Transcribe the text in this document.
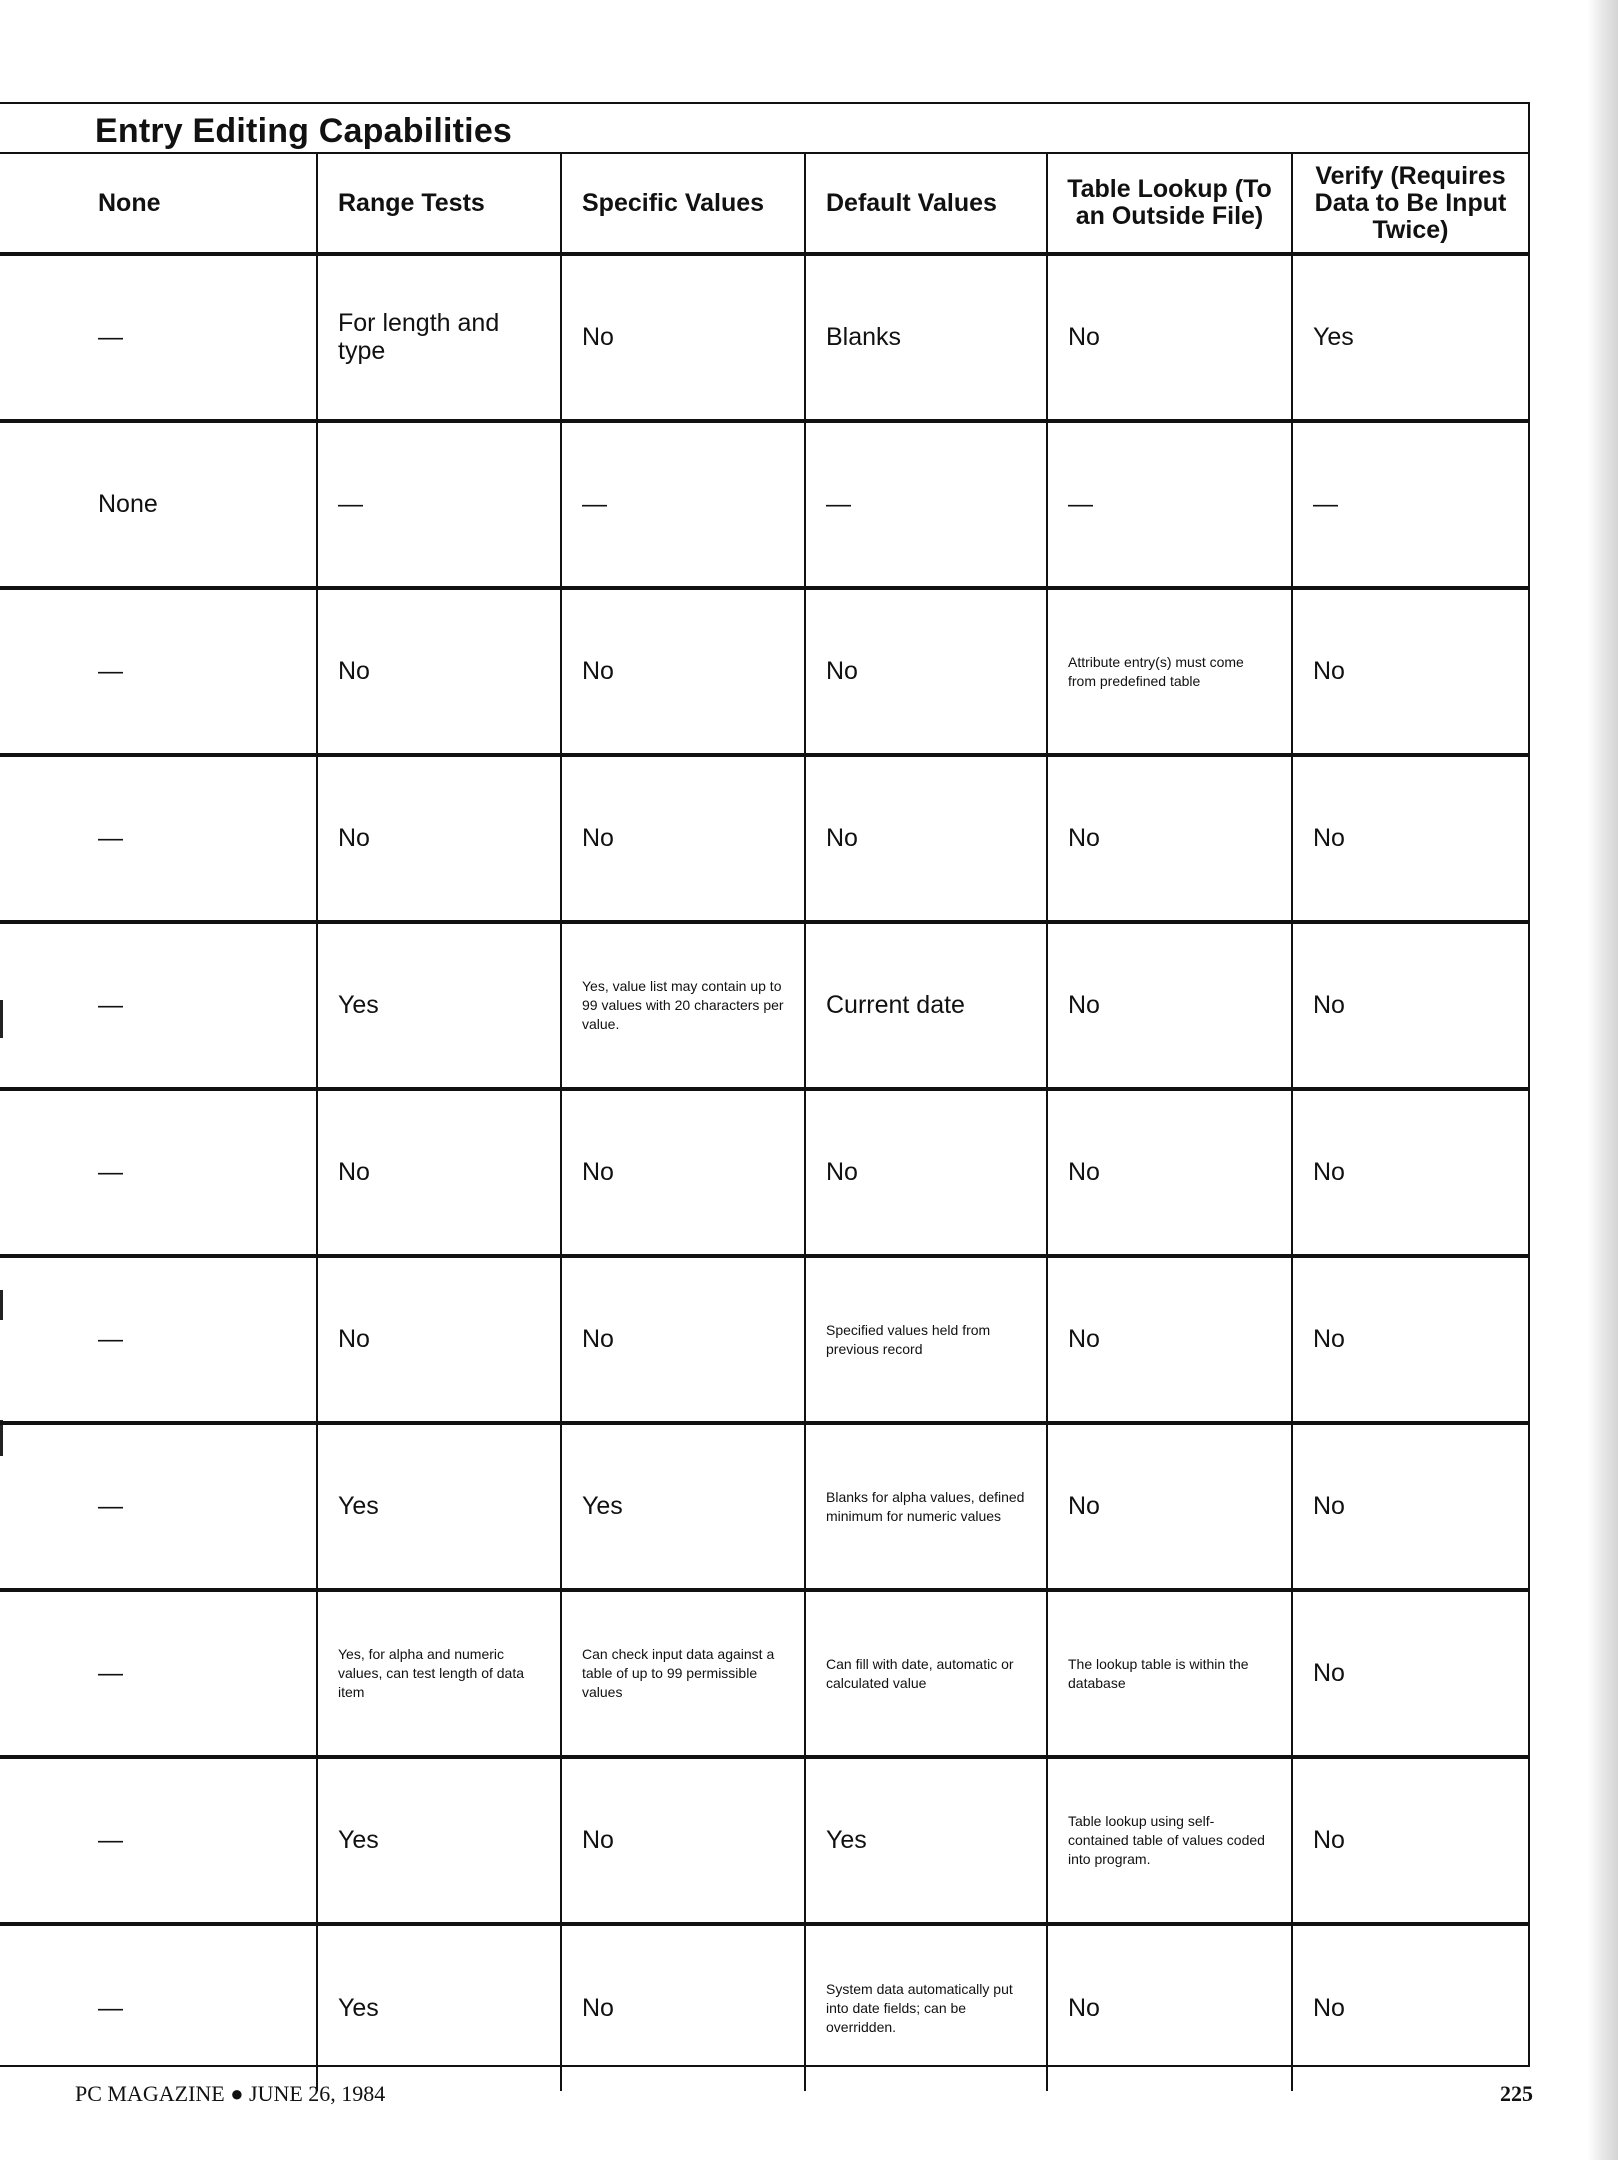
Entry Editing Capabilities
None	Range Tests	Specific Values	Default Values	Table Lookup (To an Outside File)	Verify (Requires Data to Be Input Twice)
—	For length and type	No	Blanks	No	Yes
None	—	—	—	—	—
—	No	No	No	Attribute entry(s) must come from predefined table	No
—	No	No	No	No	No
—	Yes	Yes, value list may contain up to 99 values with 20 characters per value.	Current date	No	No
—	No	No	No	No	No
—	No	No	Specified values held from previous record	No	No
—	Yes	Yes	Blanks for alpha values, defined minimum for numeric values	No	No
—	Yes, for alpha and numeric values, can test length of data item	Can check input data against a table of up to 99 permissible values	Can fill with date, automatic or calculated value	The lookup table is within the database	No
—	Yes	No	Yes	Table lookup using self-contained table of values coded into program.	No
—	Yes	No	System data automatically put into date fields; can be overridden.	No	No
PC MAGAZINE ● JUNE 26, 1984	225
